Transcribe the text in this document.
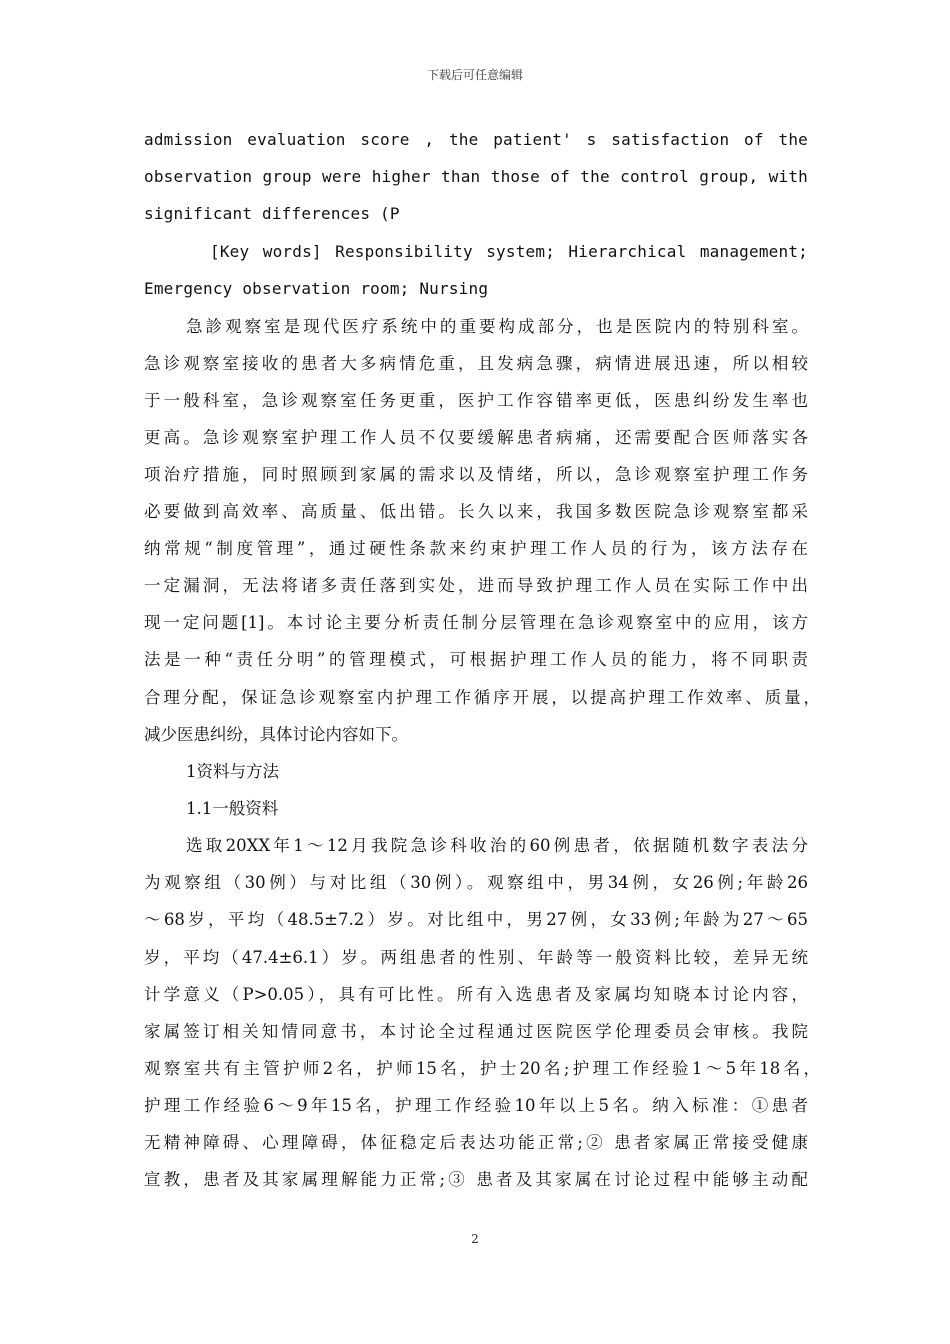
下载后可任意编辑
admission evaluation score , the patient' s satisfaction of the
observation group were higher than those of the control group, with
significant differences (P
[Key words] Responsibility system; Hierarchical management;
Emergency observation room; Nursing
急診观察室是现代医疗系统中的重要构成部分，也是医院内的特别科室。
急诊观察室接收的患者大多病情危重，且发病急骤，病情进展迅速，所以相较
于一般科室，急诊观察室任务更重，医护工作容错率更低，医患纠纷发生率也
更高。急诊观察室护理工作人员不仅要缓解患者病痛，还需要配合医师落实各
项治疗措施，同时照顾到家属的需求以及情绪，所以，急诊观察室护理工作务
必要做到高效率、高质量、低出错。长久以来，我国多数医院急诊观察室都采
纳常规“制度管理”，通过硬性条款来约束护理工作人员的行为，该方法存在
一定漏洞，无法将诸多责任落到实处，进而导致护理工作人员在实际工作中出
现一定问题[1]。本讨论主要分析责任制分层管理在急诊观察室中的应用，该方
法是一种“责任分明”的管理模式，可根据护理工作人员的能力，将不同职责
合理分配，保证急诊观察室内护理工作循序开展，以提高护理工作效率、质量，
减少医患纠纷，具体讨论内容如下。
1资料与方法
1.1一般资料
选取20XX年1～12月我院急诊科收治的60例患者，依据随机数字表法分
为观察组（30例）与对比组（30例）。观察组中，男34例，女26例;年龄26
～68岁，平均（48.5±7.2）岁。对比组中，男27例，女33例;年龄为27～65
岁，平均（47.4±6.1）岁。两组患者的性别、年龄等一般资料比较，差异无统
计学意义（P>0.05），具有可比性。所有入选患者及家属均知晓本讨论内容，
家属签订相关知情同意书，本讨论全过程通过医院医学伦理委员会审核。我院
观察室共有主管护师2名，护师15名，护士20名;护理工作经验1～5年18名，
护理工作经验6～9年15名，护理工作经验10年以上5名。纳入标准：①患者
无精神障碍、心理障碍，体征稳定后表达功能正常;② 患者家属正常接受健康
宣教，患者及其家属理解能力正常;③ 患者及其家属在讨论过程中能够主动配
2
